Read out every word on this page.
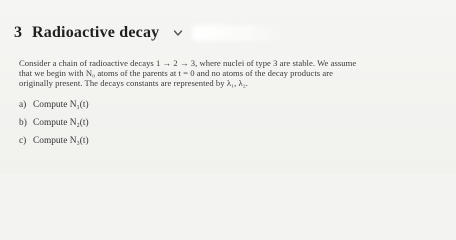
3 Radioactive decay
Consider a chain of radioactive decays 1 → 2 → 3, where nuclei of type 3 are stable. We assume
that we begin with N₀ atoms of the parents at t = 0 and no atoms of the decay products are
originally present. The decays constants are represented by λ₁, λ₂.
a) Compute N₁(t)
b) Compute N₂(t)
c) Compute N₃(t)
